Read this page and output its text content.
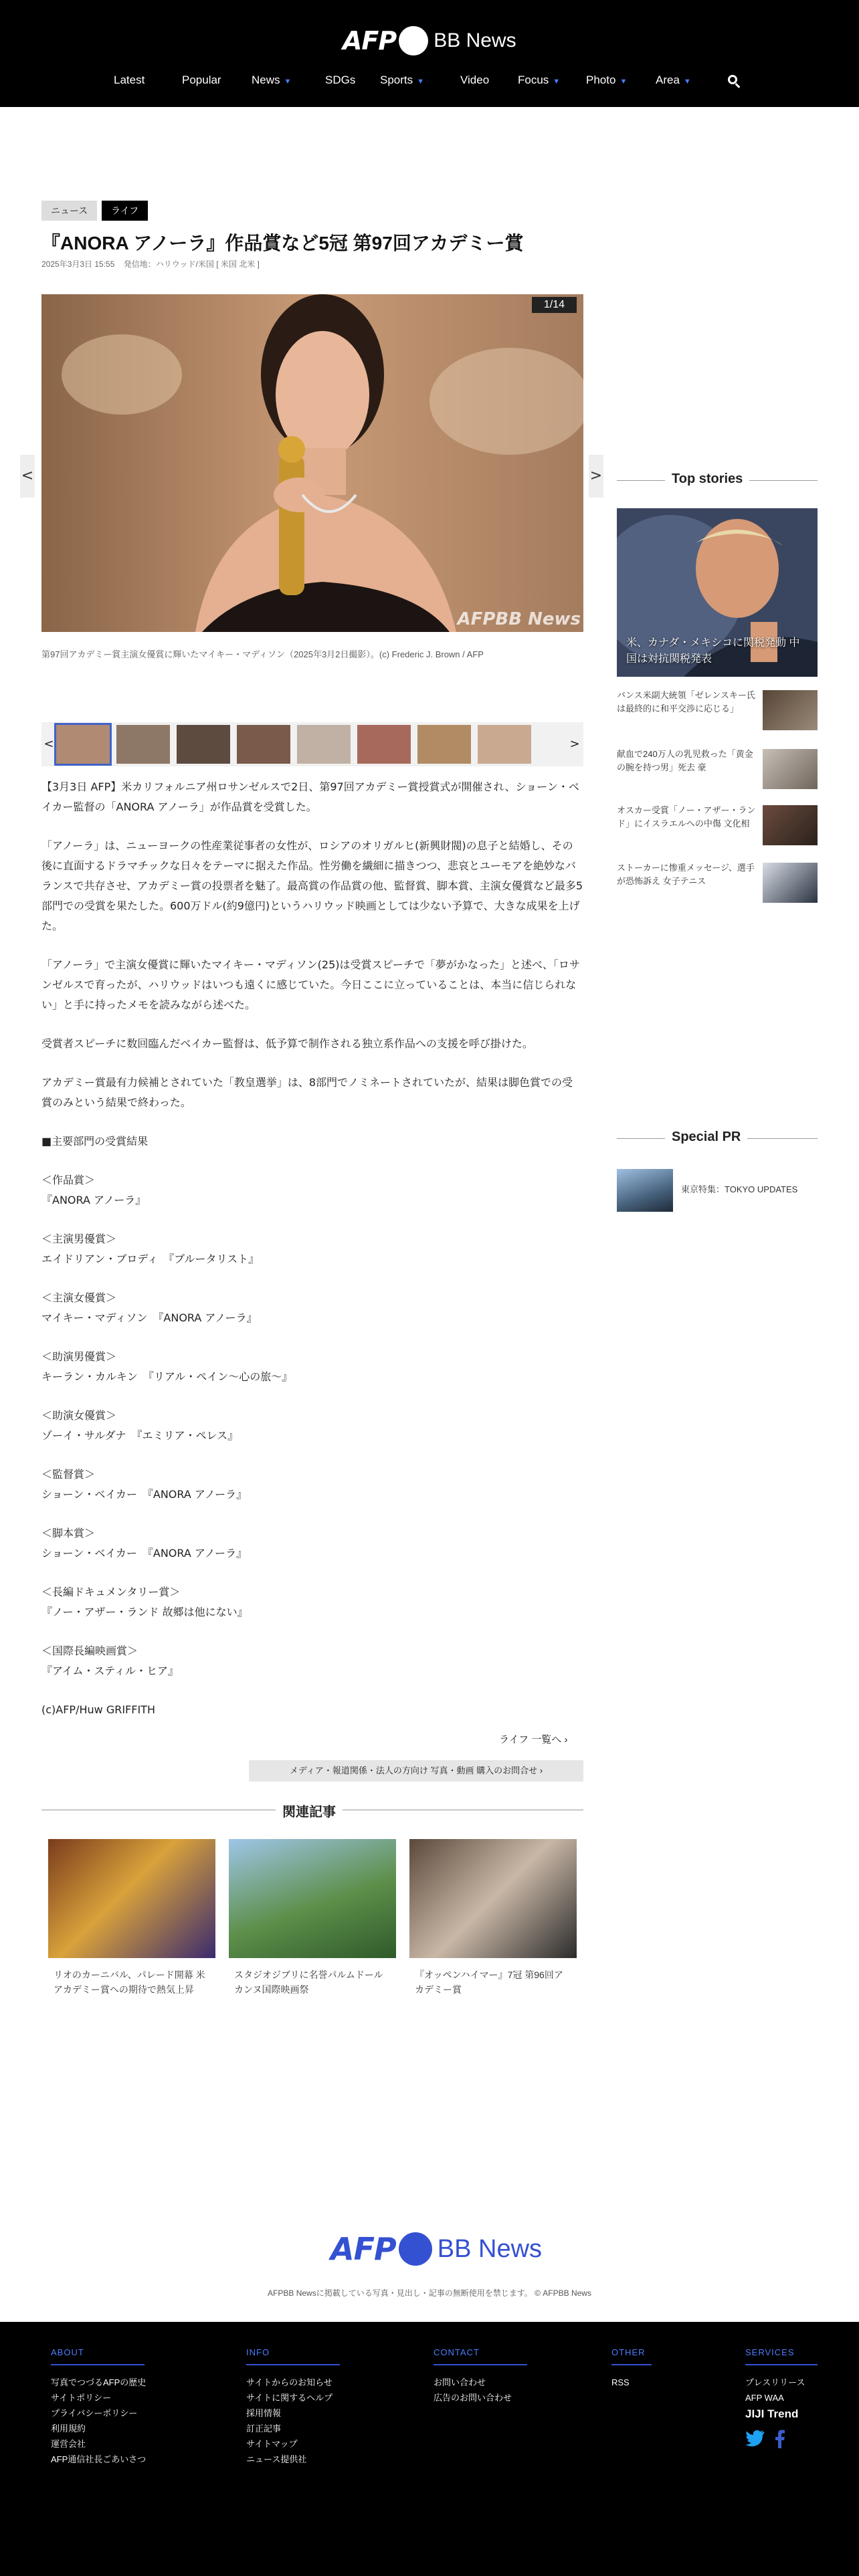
AFP BB News
Latest	Popular	News ▼	SDGs Sports ▼	Video	Focus ▼ Photo ▼	Area ▼
ニュース	ライフ
『ANORA アノーラ』作品賞など5冠 第97回アカデミー賞
2025年3月3日 15:55 発信地：ハリウッド/米国 [ 米国 北米 ]
1/14
AFPBB News
<	>
第97回アカデミー賞主演女優賞に輝いたマイキー・マディソン（2025年3月2日撮影）。(c) Frederic J. Brown / AFP
<	>

【3月3日 AFP】米カリフォルニア州ロサンゼルスで2日、第97回アカデミー賞授賞式が開催され、ショーン・ベイカー監督の「ANORA アノーラ」が作品賞を受賞した。

「アノーラ」は、ニューヨークの性産業従事者の女性が、ロシアのオリガルヒ(新興財閥)の息子と結婚し、その後に直面するドラマチックな日々をテーマに据えた作品。性労働を繊細に描きつつ、悲哀とユーモアを絶妙なバランスで共存させ、アカデミー賞の投票者を魅了。最高賞の作品賞の他、監督賞、脚本賞、主演女優賞など最多5部門での受賞を果たした。600万ドル(約9億円)というハリウッド映画としては少ない予算で、大きな成果を上げた。

「アノーラ」で主演女優賞に輝いたマイキー・マディソン(25)は受賞スピーチで「夢がかなった」と述べ、「ロサンゼルスで育ったが、ハリウッドはいつも遠くに感じていた。今日ここに立っていることは、本当に信じられない」と手に持ったメモを読みながら述べた。

受賞者スピーチに数回臨んだベイカー監督は、低予算で制作される独立系作品への支援を呼び掛けた。

アカデミー賞最有力候補とされていた「教皇選挙」は、8部門でノミネートされていたが、結果は脚色賞での受賞のみという結果で終わった。

■主要部門の受賞結果

＜作品賞＞
『ANORA アノーラ』
＜主演男優賞＞
エイドリアン・ブロディ　『ブルータリスト』
＜主演女優賞＞
マイキー・マディソン　『ANORA アノーラ』
＜助演男優賞＞
キーラン・カルキン　『リアル・ペイン〜心の旅〜』
＜助演女優賞＞
ゾーイ・サルダナ　『エミリア・ペレス』
＜監督賞＞
ショーン・ベイカー　『ANORA アノーラ』
＜脚本賞＞
ショーン・ベイカー　『ANORA アノーラ』
＜長編ドキュメンタリー賞＞
『ノー・アザー・ランド 故郷は他にない』
＜国際長編映画賞＞
『アイム・スティル・ヒア』

(c)AFP/Huw GRIFFITH

ライフ 一覧へ ›
メディア・報道関係・法人の方向け 写真・動画 購入のお問合せ ›
関連記事
リオのカーニバル、パレード開幕 米アカデミー賞への期待で熱気上昇
スタジオジブリに名誉パルムドール カンヌ国際映画祭
『オッペンハイマー』7冠 第96回アカデミー賞
Top stories
米、カナダ・メキシコに関税発動 中国は対抗関税発表
バンス米副大統領「ゼレンスキー氏は最終的に和平交渉に応じる」
献血で240万人の乳児救った「黄金の腕を持つ男」死去 豪
オスカー受賞「ノー・アザー・ランド」にイスラエルへの中傷 文化相
ストーカーに惨重メッセージ、選手が恐怖訴え 女子テニス
Special PR
東京特集：TOKYO UPDATES
AFP BB News
AFPBB Newsに掲載している写真・見出し・記事の無断使用を禁じます。 © AFPBB News
ABOUT
写真でつづるAFPの歴史
サイトポリシー
プライバシーポリシー
利用規約
運営会社
AFP通信社長ごあいさつ
INFO
サイトからのお知らせ
サイトに関するヘルプ
採用情報
訂正記事
サイトマップ
ニュース提供社
CONTACT
お問い合わせ
広告のお問い合わせ
OTHER
RSS
SERVICES
プレスリリース
AFP WAA
JIJI Trend
